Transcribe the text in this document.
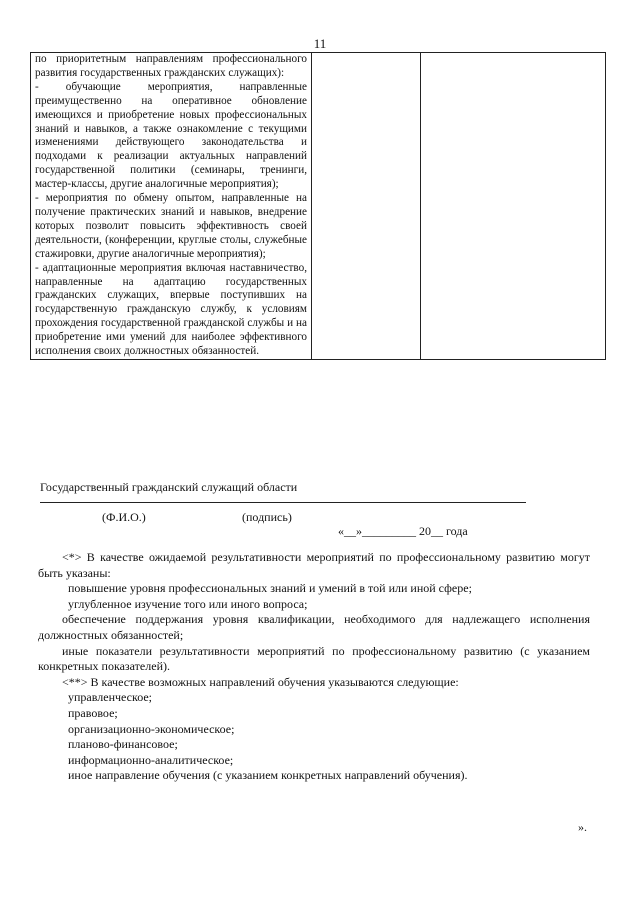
11
по приоритетным направлениям профессионального развития государственных гражданских служащих):
- обучающие мероприятия, направленные преимущественно на оперативное обновление имеющихся и приобретение новых профессиональных знаний и навыков, а также ознакомление с текущими изменениями действующего законодательства и подходами к реализации актуальных направлений государственной политики (семинары, тренинги, мастер-классы, другие аналогичные мероприятия);
- мероприятия по обмену опытом, направленные на получение практических знаний и навыков, внедрение которых позволит повысить эффективность своей деятельности, (конференции, круглые столы, служебные стажировки, другие аналогичные мероприятия);
- адаптационные мероприятия включая наставничество, направленные на адаптацию государственных гражданских служащих, впервые поступивших на государственную гражданскую службу, к условиям прохождения государственной гражданской службы и на приобретение ими умений для наиболее эффективного исполнения своих должностных обязанностей.

Государственный гражданский служащий области
(Ф.И.О.)	(подпись)
«__»_________ 20__ года

<*> В качестве ожидаемой результативности мероприятий по профессиональному развитию могут быть указаны:

повышение уровня профессиональных знаний и умений в той или иной сфере;

углубленное изучение того или иного вопроса;

обеспечение поддержания уровня квалификации, необходимого для надлежащего исполнения должностных обязанностей;

иные показатели результативности мероприятий по профессиональному развитию (с указанием конкретных показателей).

<**> В качестве возможных направлений обучения указываются следующие:

управленческое;

правовое;

организационно-экономическое;

планово-финансовое;

информационно-аналитическое;

иное направление обучения (с указанием конкретных направлений обучения).

».
